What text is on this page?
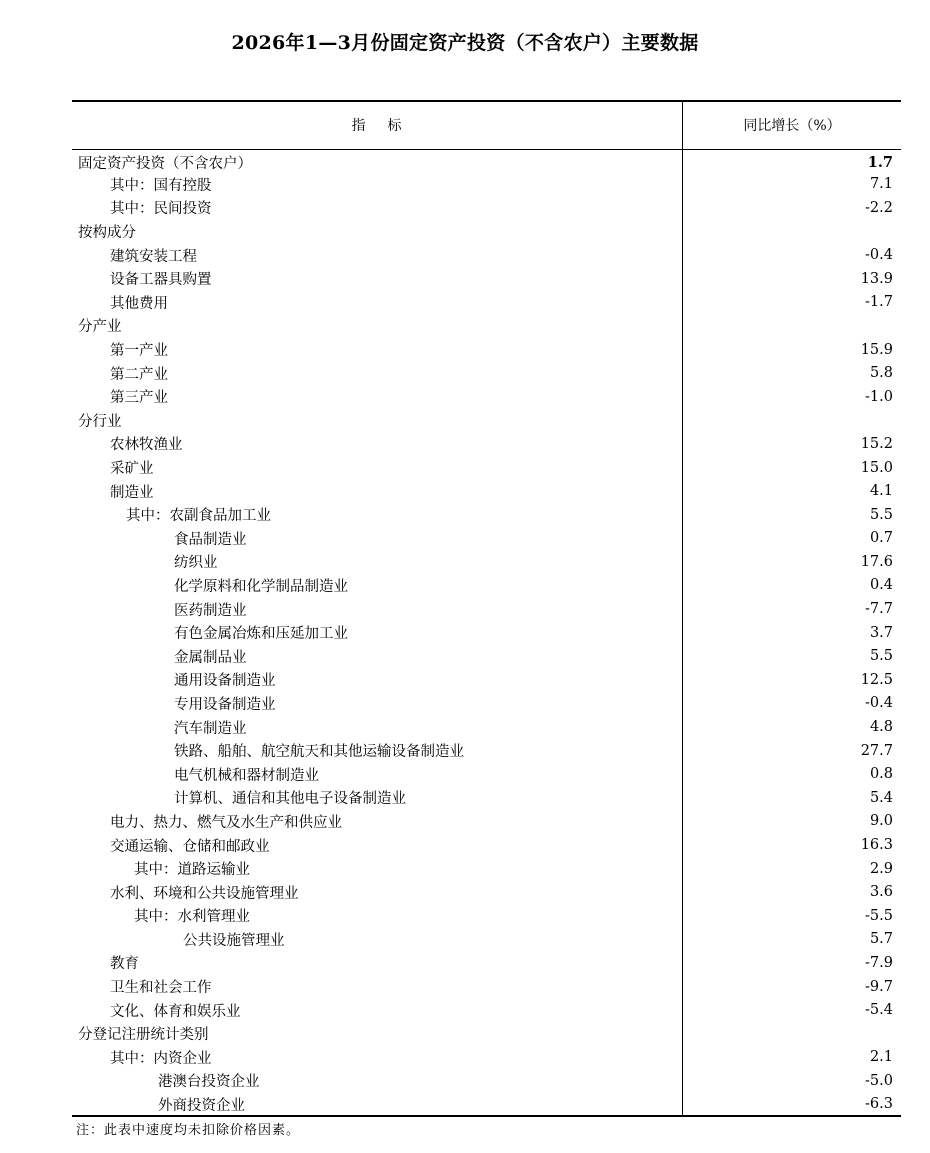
2026年1—3月份固定资产投资（不含农户）主要数据
指标	同比增长（%）
固定资产投资（不含农户）	1.7
其中：国有控股	7.1
其中：民间投资	-2.2
按构成分	
建筑安装工程	-0.4
设备工器具购置	13.9
其他费用	-1.7
分产业	
第一产业	15.9
第二产业	5.8
第三产业	-1.0
分行业	
农林牧渔业	15.2
采矿业	15.0
制造业	4.1
其中：农副食品加工业	5.5
食品制造业	0.7
纺织业	17.6
化学原料和化学制品制造业	0.4
医药制造业	-7.7
有色金属冶炼和压延加工业	3.7
金属制品业	5.5
通用设备制造业	12.5
专用设备制造业	-0.4
汽车制造业	4.8
铁路、船舶、航空航天和其他运输设备制造业	27.7
电气机械和器材制造业	0.8
计算机、通信和其他电子设备制造业	5.4
电力、热力、燃气及水生产和供应业	9.0
交通运输、仓储和邮政业	16.3
其中：道路运输业	2.9
水利、环境和公共设施管理业	3.6
其中：水利管理业	-5.5
公共设施管理业	5.7
教育	-7.9
卫生和社会工作	-9.7
文化、体育和娱乐业	-5.4
分登记注册统计类别	
其中：内资企业	2.1
港澳台投资企业	-5.0
外商投资企业	-6.3
注：此表中速度均未扣除价格因素。
